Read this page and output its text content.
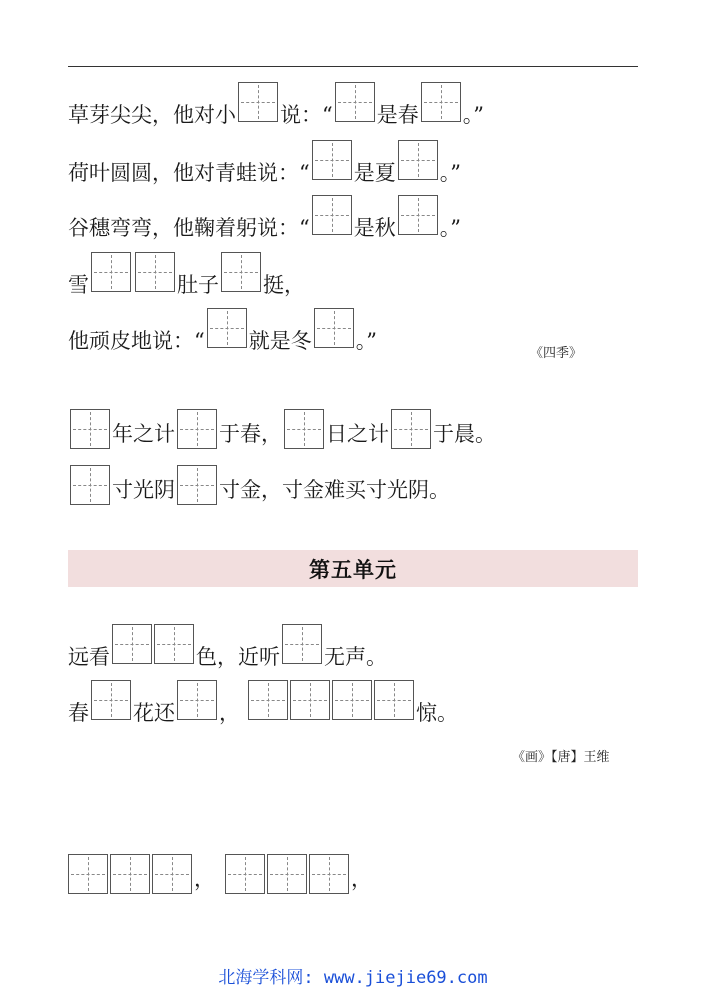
草芽尖尖，他对小 说：“ 是春 。”
荷叶圆圆，他对青蛙说：“ 是夏 。”
谷穗弯弯，他鞠着躬说：“ 是秋 。”
雪	肚子 挺，
他顽皮地说：“ 就是冬 。”
《四季》
年之计 于春， 日之计 于晨。
寸光阴 寸金，寸金难买寸光阴。
第五单元
远看	色，近听 无声。
春 花还 ，	惊。
《画》【唐】王维
，	，
北海学科网: www.jiejie69.com
